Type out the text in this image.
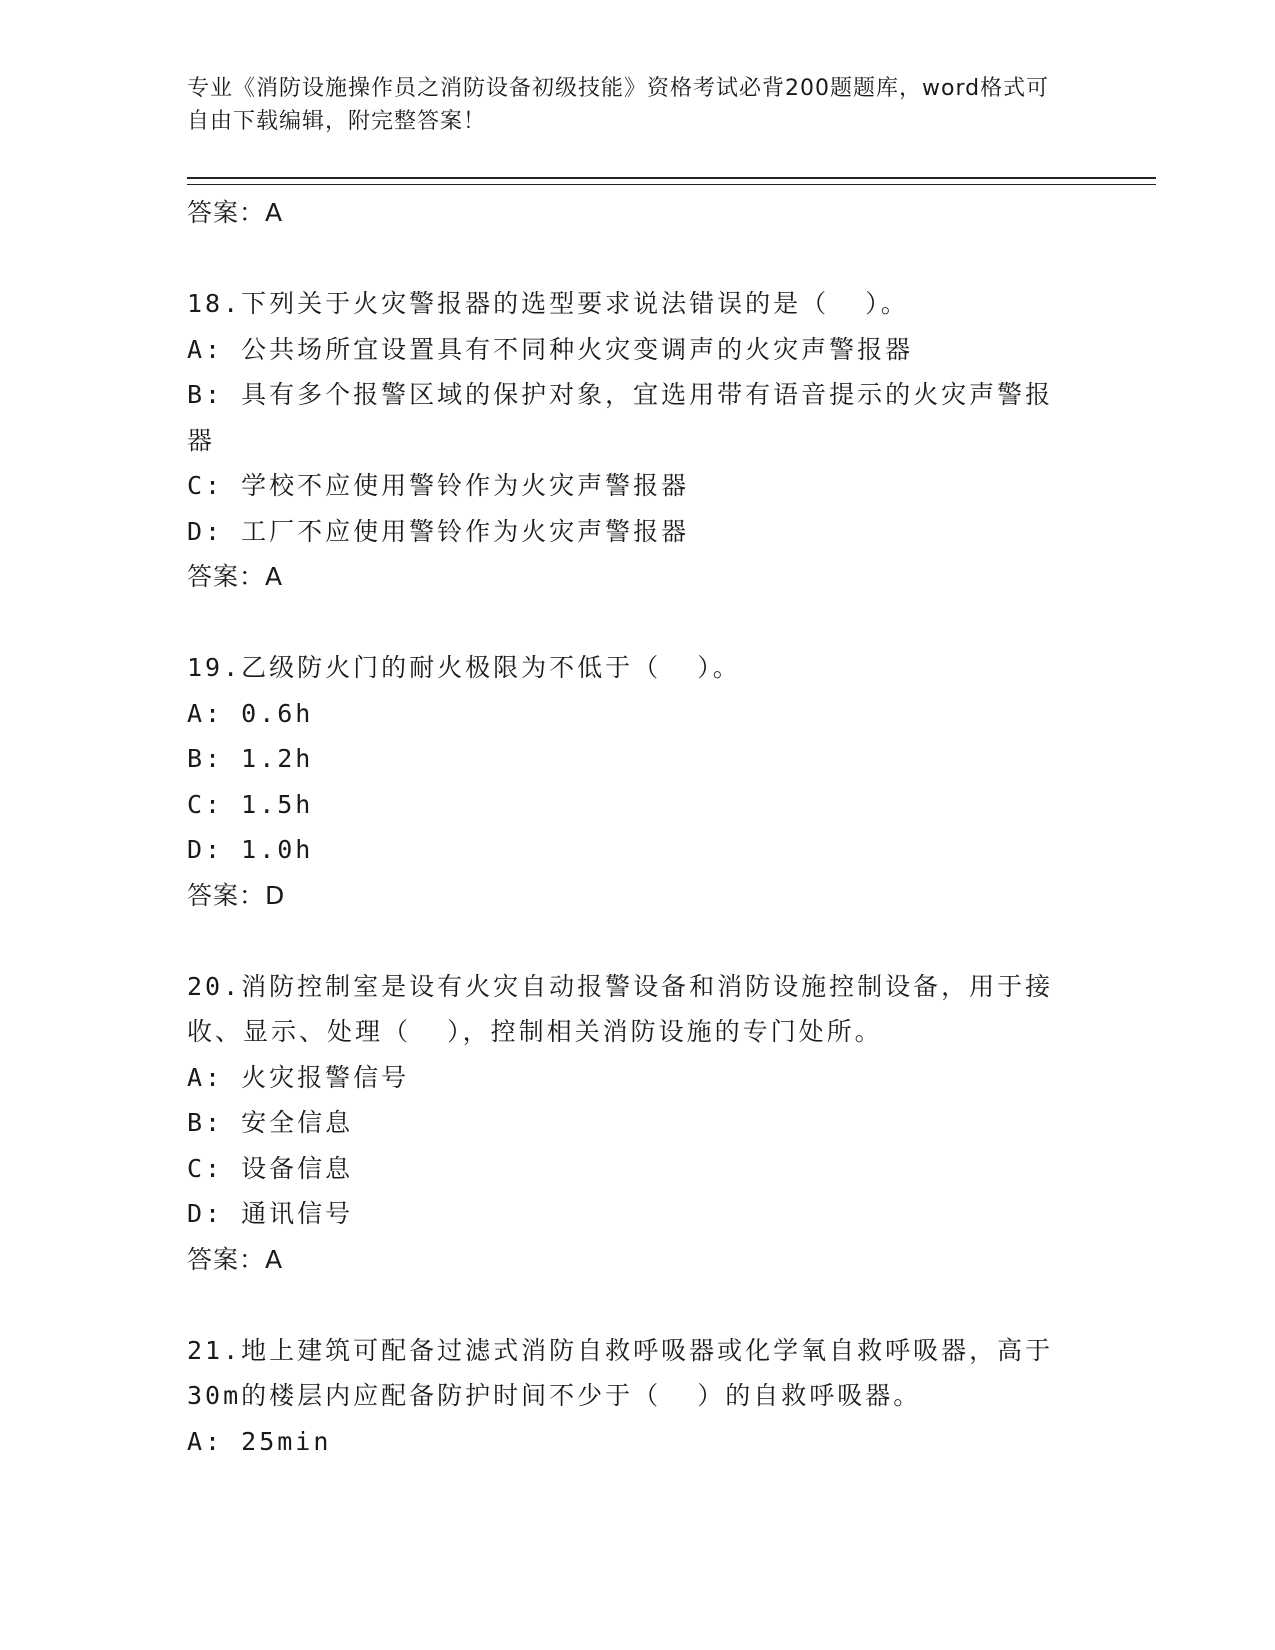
专业《消防设施操作员之消防设备初级技能》资格考试必背200题题库，word格式可自由下载编辑，附完整答案！
答案：A
18.下列关于火灾警报器的选型要求说法错误的是（  ）。
A: 公共场所宜设置具有不同种火灾变调声的火灾声警报器
B: 具有多个报警区域的保护对象，宜选用带有语音提示的火灾声警报器
C: 学校不应使用警铃作为火灾声警报器
D: 工厂不应使用警铃作为火灾声警报器
答案：A
19.乙级防火门的耐火极限为不低于（  ）。
A: 0.6h
B: 1.2h
C: 1.5h
D: 1.0h
答案：D
20.消防控制室是设有火灾自动报警设备和消防设施控制设备，用于接收、显示、处理（  ），控制相关消防设施的专门处所。
A: 火灾报警信号
B: 安全信息
C: 设备信息
D: 通讯信号
答案：A
21.地上建筑可配备过滤式消防自救呼吸器或化学氧自救呼吸器，高于30m的楼层内应配备防护时间不少于（  ）的自救呼吸器。
A: 25min
